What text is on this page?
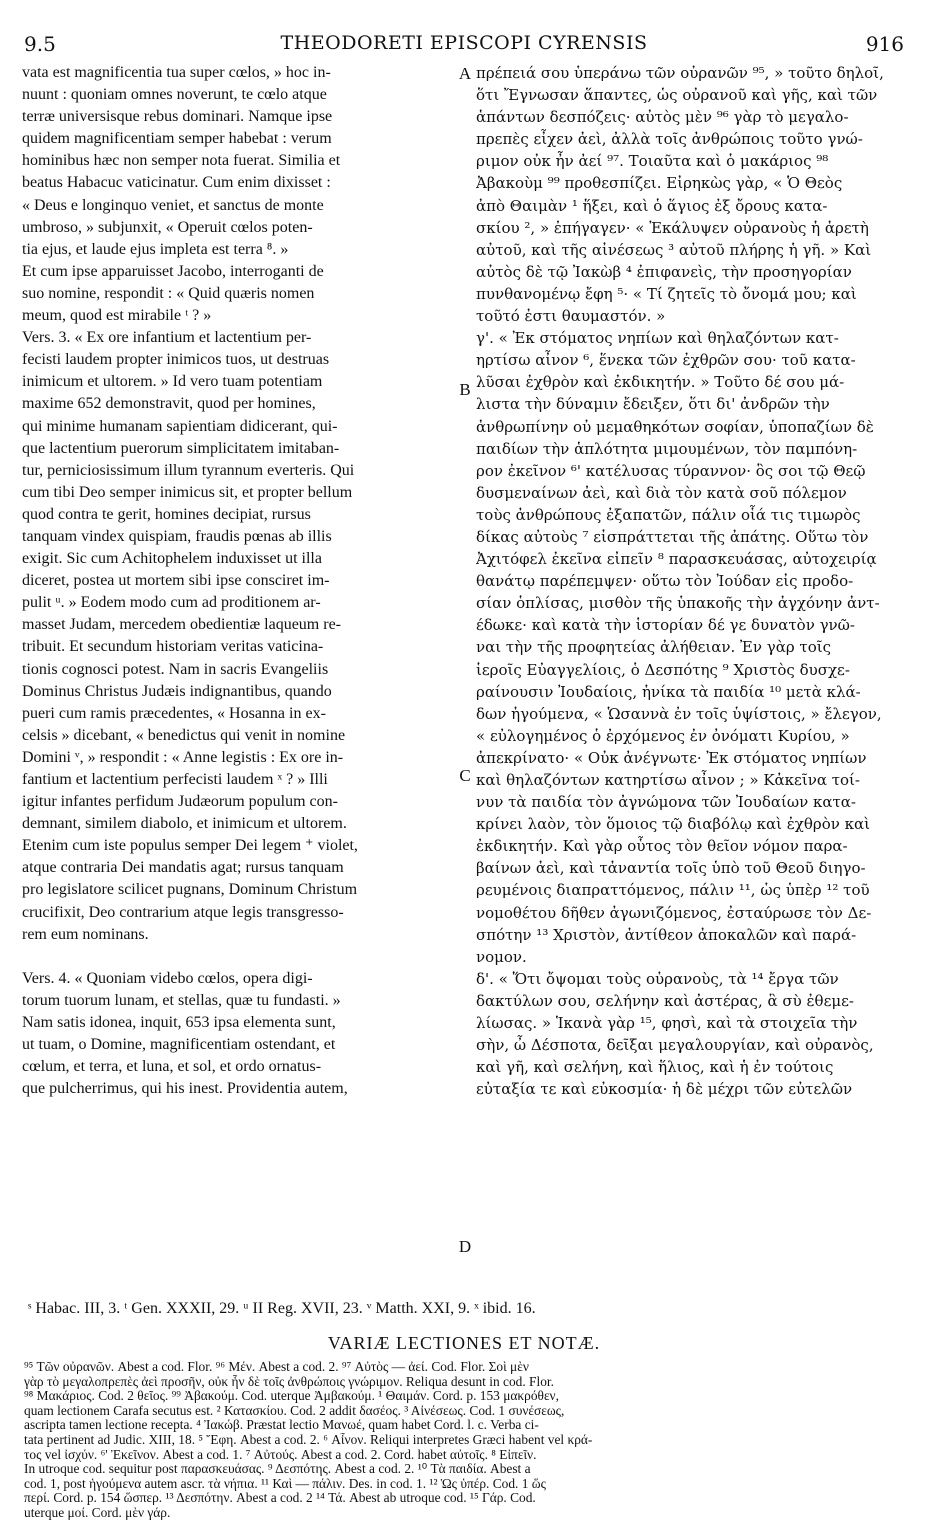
9.5	THEODORETI EPISCOPI CYRENSIS	916
vata est magnificentia tua super cœlos, » hoc in-
nuunt : quoniam omnes noverunt, te cœlo atque
terræ universisque rebus dominari. Namque ipse
quidem magnificentiam semper habebat : verum
hominibus hæc non semper nota fuerat. Similia et
beatus Habacuc vaticinatur. Cum enim dixisset :
« Deus e longinquo veniet, et sanctus de monte
umbroso, » subjunxit, « Operuit cœlos poten-
tia ejus, et laude ejus impleta est terra ⁸. »
Et cum ipse apparuisset Jacobo, interroganti de
suo nomine, respondit : « Quid quæris nomen
meum, quod est mirabile ᵗ ? »
Vers. 3. « Ex ore infantium et lactentium per-
fecisti laudem propter inimicos tuos, ut destruas
inimicum et ultorem. » Id vero tuam potentiam
maxime 652 demonstravit, quod per homines,
qui minime humanam sapientiam didicerant, qui-
que lactentium puerorum simplicitatem imitaban-
tur, perniciosissimum illum tyrannum everteris. Qui
cum tibi Deo semper inimicus sit, et propter bellum
quod contra te gerit, homines decipiat, rursus
tanquam vindex quispiam, fraudis pœnas ab illis
exigit. Sic cum Achitophelem induxisset ut illa
diceret, postea ut mortem sibi ipse consciret im-
pulit ᵘ. » Eodem modo cum ad proditionem ar-
masset Judam, mercedem obedientiæ laqueum re-
tribuit. Et secundum historiam veritas vaticina-
tionis cognosci potest. Nam in sacris Evangeliis
Dominus Christus Judæis indignantibus, quando
pueri cum ramis præcedentes, « Hosanna in ex-
celsis » dicebant, « benedictus qui venit in nomine
Domini ᵛ, » respondit : « Anne legistis : Ex ore in-
fantium et lactentium perfecisti laudem ˣ ? » Illi
igitur infantes perfidum Judæorum populum con-
demnant, similem diabolo, et inimicum et ultorem.
Etenim cum iste populus semper Dei legem ⁺ violet,
atque contraria Dei mandatis agat; rursus tanquam
pro legislatore scilicet pugnans, Dominum Christum
crucifixit, Deo contrarium atque legis transgresso-
rem eum nominans.
Vers. 4. « Quoniam videbo cœlos, opera digi-
torum tuorum lunam, et stellas, quæ tu fundasti. »
Nam satis idonea, inquit, 653 ipsa elementa sunt,
ut tuam, o Domine, magnificentiam ostendant, et
cœlum, et terra, et luna, et sol, et ordo ornatus-
que pulcherrimus, qui his inest. Providentia autem,
πρέπειά σου ὑπεράνω τῶν οὐρανῶν ⁹⁵, » τοῦτο δηλοῖ,
ὅτι Ἔγνωσαν ἅπαντες, ὡς οὐρανοῦ καὶ γῆς, καὶ τῶν
ἁπάντων δεσπόζεις· αὐτὸς μὲν ⁹⁶ γὰρ τὸ μεγαλο-
πρεπὲς εἶχεν ἀεὶ, ἀλλὰ τοῖς ἀνθρώποις τοῦτο γνώ-
ριμον οὐκ ἦν ἀεί ⁹⁷. Τοιαῦτα καὶ ὁ μακάριος ⁹⁸
Ἀβακοὺμ ⁹⁹ προθεσπίζει. Εἰρηκὼς γὰρ, « Ὁ Θεὸς
ἀπὸ Θαιμὰν ¹ ἥξει, καὶ ὁ ἅγιος ἐξ ὄρους κατα-
σκίου ², » ἐπήγαγεν· « Ἐκάλυψεν οὐρανοὺς ἡ ἀρετὴ
αὐτοῦ, καὶ τῆς αἰνέσεως ³ αὐτοῦ πλήρης ἡ γῆ. » Καὶ
αὐτὸς δὲ τῷ Ἰακὼβ ⁴ ἐπιφανεὶς, τὴν προσηγορίαν
πυνθανομένῳ ἔφη ⁵· « Τί ζητεῖς τὸ ὄνομά μου; καὶ
τοῦτό ἐστι θαυμαστόν. »
γ'. « Ἐκ στόματος νηπίων καὶ θηλαζόντων κατ-
ηρτίσω αἶνον ⁶, ἕνεκα τῶν ἐχθρῶν σου· τοῦ κατα-
λῦσαι ἐχθρὸν καὶ ἐκδικητήν. » Τοῦτο δέ σου μά-
λιστα τὴν δύναμιν ἔδειξεν, ὅτι δι' ἀνδρῶν τὴν
ἀνθρωπίνην οὐ μεμαθηκότων σοφίαν, ὑποπαζίων δὲ
παιδίων τὴν ἁπλότητα μιμουμένων, τὸν παμπόνη-
ρον ἐκεῖνον ⁶' κατέλυσας τύραννον· ὃς σοι τῷ Θεῷ
δυσμεναίνων ἀεὶ, καὶ διὰ τὸν κατὰ σοῦ πόλεμον
τοὺς ἀνθρώπους ἐξαπατῶν, πάλιν οἷά τις τιμωρὸς
δίκας αὐτοὺς ⁷ εἰσπράττεται τῆς ἀπάτης. Οὕτω τὸν
Ἀχιτόφελ ἐκεῖνα εἰπεῖν ⁸ παρασκευάσας, αὐτοχειρίᾳ
θανάτῳ παρέπεμψεν· οὕτω τὸν Ἰούδαν εἰς προδο-
σίαν ὁπλίσας, μισθὸν τῆς ὑπακοῆς τὴν ἀγχόνην ἀντ-
έδωκε· καὶ κατὰ τὴν ἱστορίαν δέ γε δυνατὸν γνῶ-
ναι τὴν τῆς προφητείας ἀλήθειαν. Ἐν γὰρ τοῖς
ἱεροῖς Εὐαγγελίοις, ὁ Δεσπότης ⁹ Χριστὸς δυσχε-
ραίνουσιν Ἰουδαίοις, ἡνίκα τὰ παιδία ¹⁰ μετὰ κλά-
δων ἡγούμενα, « Ὡσαννὰ ἐν τοῖς ὑψίστοις, » ἔλεγον,
« εὐλογημένος ὁ ἐρχόμενος ἐν ὀνόματι Κυρίου, »
ἀπεκρίνατο· « Οὐκ ἀνέγνωτε· Ἐκ στόματος νηπίων
καὶ θηλαζόντων κατηρτίσω αἶνον ; » Κἀκεῖνα τοί-
νυν τὰ παιδία τὸν ἀγνώμονα τῶν Ἰουδαίων κατα-
κρίνει λαὸν, τὸν ὅμοιος τῷ διαβόλῳ καὶ ἐχθρὸν καὶ
ἐκδικητήν. Καὶ γὰρ οὗτος τὸν θεῖον νόμον παρα-
βαίνων ἀεὶ, καὶ τἀναντία τοῖς ὑπὸ τοῦ Θεοῦ διηγο-
ρευμένοις διαπραττόμενος, πάλιν ¹¹, ὡς ὑπὲρ ¹² τοῦ
νομοθέτου δῆθεν ἀγωνιζόμενος, ἐσταύρωσε τὸν Δε-
σπότην ¹³ Χριστὸν, ἀντίθεον ἀποκαλῶν καὶ παρά-
νομον.
δ'. « Ὅτι ὄψομαι τοὺς οὐρανοὺς, τὰ ¹⁴ ἔργα τῶν
δακτύλων σου, σελήνην καὶ ἀστέρας, ἃ σὺ ἐθεμε-
λίωσας. » Ἱκανὰ γὰρ ¹⁵, φησὶ, καὶ τὰ στοιχεῖα τὴν
σὴν, ὦ Δέσποτα, δεῖξαι μεγαλουργίαν, καὶ οὐρανὸς,
καὶ γῆ, καὶ σελήνη, καὶ ἥλιος, καὶ ἡ ἐν τούτοις
εὐταξία τε καὶ εὐκοσμία· ἡ δὲ μέχρι τῶν εὐτελῶν
A
B
C
D
ˢ Habac. III, 3. ᵗ Gen. XXXII, 29. ᵘ II Reg. XVII, 23. ᵛ Matth. XXI, 9. ˣ ibid. 16.
VARIÆ LECTIONES ET NOTÆ.
⁹⁵ Τῶν οὐρανῶν. Abest a cod. Flor. ⁹⁶ Μέν. Abest a cod. 2. ⁹⁷ Αὐτὸς — ἀεί. Cod. Flor. Σοὶ μὲν
γὰρ τὸ μεγαλοπρεπὲς ἀεὶ προσῆν, οὐκ ἦν δὲ τοῖς ἀνθρώποις γνώριμον. Reliqua desunt in cod. Flor.
⁹⁸ Μακάριος. Cod. 2 θεῖος. ⁹⁹ Ἀβακούμ. Cod. uterque Ἀμβακούμ. ¹ Θαιμάν. Cord. p. 153 μακρόθεν,
quam lectionem Carafa secutus est. ² Κατασκίου. Cod. 2 addit δασέος. ³ Αἰνέσεως. Cod. 1 συνέσεως,
ascripta tamen lectione recepta. ⁴ Ἰακώβ. Præstat lectio Μανωέ, quam habet Cord. l. c. Verba ci-
tata pertinent ad Judic. XIII, 18. ⁵ Ἔφη. Abest a cod. 2. ⁶ Αἶνον. Reliqui interpretes Græci habent vel κρά-
τος vel ἰσχύν. ⁶' Ἐκεῖνον. Abest a cod. 1. ⁷ Αὐτούς. Abest a cod. 2. Cord. habet αὐτοῖς. ⁸ Εἰπεῖν.
In utroque cod. sequitur post παρασκευάσας. ⁹ Δεσπότης. Abest a cod. 2. ¹⁰ Τὰ παιδία. Abest a
cod. 1, post ἡγούμενα autem ascr. τὰ νήπια. ¹¹ Καὶ — πάλιν. Des. in cod. 1. ¹² Ὡς ὑπέρ. Cod. 1 ὥς
περί. Cord. p. 154 ὥσπερ. ¹³ Δεσπότην. Abest a cod. 2 ¹⁴ Τά. Abest ab utroque cod. ¹⁵ Γάρ. Cod.
uterque μοί. Cord. μὲν γάρ.
